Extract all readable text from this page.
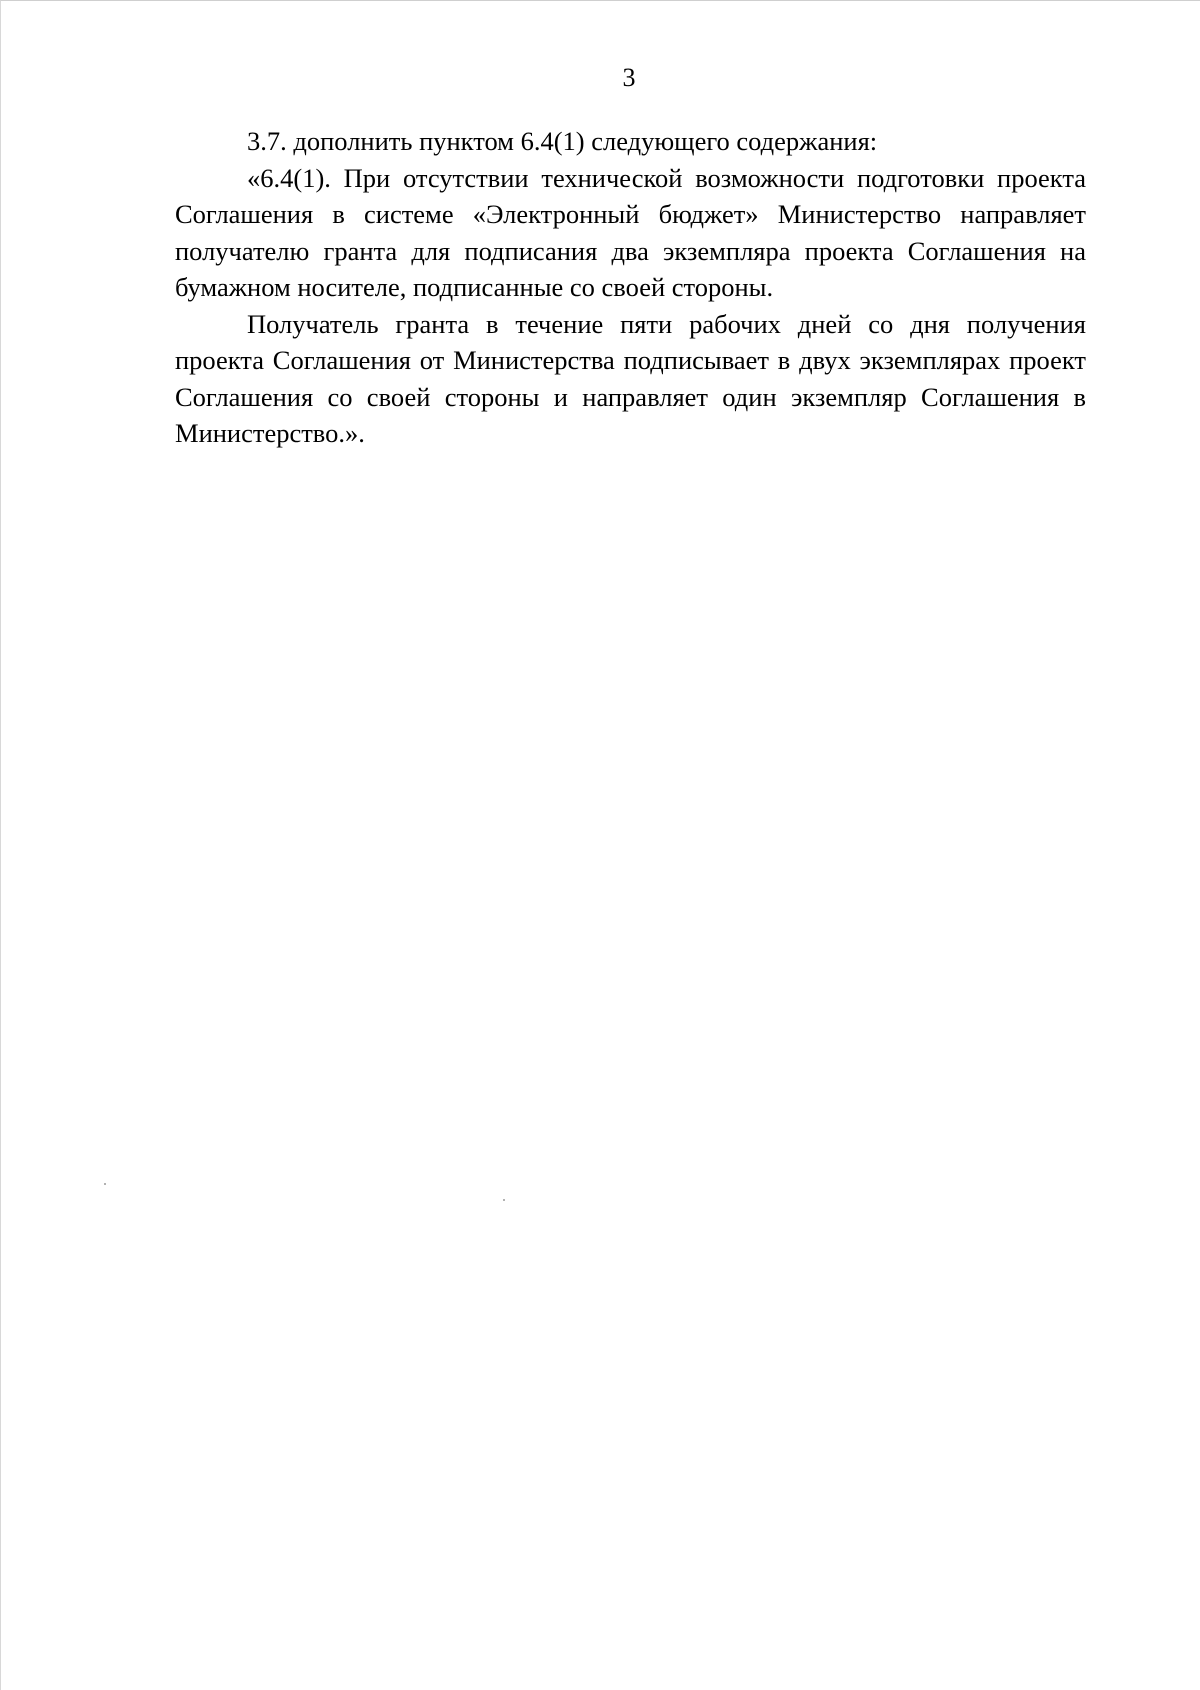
3

3.7. дополнить пунктом 6.4(1) следующего содержания:

«6.4(1). При отсутствии технической возможности подготовки проекта Соглашения в системе «Электронный бюджет» Министерство направляет получателю гранта для подписания два экземпляра проекта Соглашения на бумажном носителе, подписанные со своей стороны.

Получатель гранта в течение пяти рабочих дней со дня получения проекта Соглашения от Министерства подписывает в двух экземплярах проект Соглашения со своей стороны и направляет один экземпляр Соглашения в Министерство.».
